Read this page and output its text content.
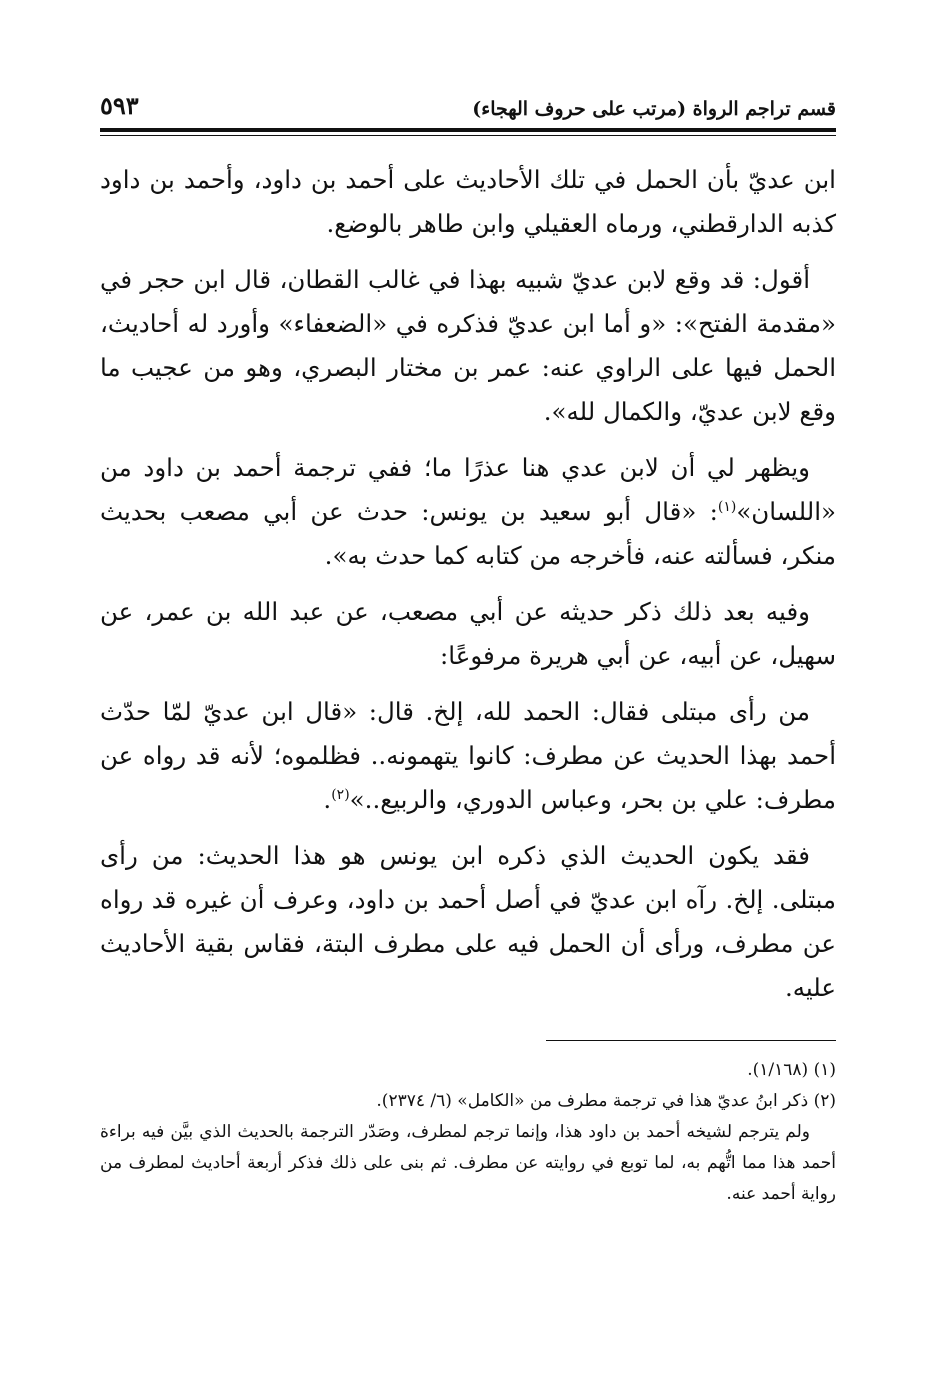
قسم تراجم الرواة (مرتب على حروف الهجاء)
٥٩٣

ابن عديّ بأن الحمل في تلك الأحاديث على أحمد بن داود، وأحمد بن داود كذبه الدارقطني، ورماه العقيلي وابن طاهر بالوضع.

أقول: قد وقع لابن عديّ شبيه بهذا في غالب القطان، قال ابن حجر في «مقدمة الفتح»: «و أما ابن عديّ فذكره في «الضعفاء» وأورد له أحاديث، الحمل فيها على الراوي عنه: عمر بن مختار البصري، وهو من عجيب ما وقع لابن عديّ، والكمال لله».

ويظهر لي أن لابن عدي هنا عذرًا ما؛ ففي ترجمة أحمد بن داود من «اللسان»$^{(١)}$: «قال أبو سعيد بن يونس: حدث عن أبي مصعب بحديث منكر، فسألته عنه، فأخرجه من كتابه كما حدث به».

وفيه بعد ذلك ذكر حديثه عن أبي مصعب، عن عبد الله بن عمر، عن سهيل، عن أبيه، عن أبي هريرة مرفوعًا:

من رأى مبتلى فقال: الحمد لله، إلخ. قال: «قال ابن عديّ لمّا حدّث أحمد بهذا الحديث عن مطرف: كانوا يتهمونه.. فظلموه؛ لأنه قد رواه عن مطرف: علي بن بحر، وعباس الدوري، والربيع..»$^{(٢)}$.

فقد يكون الحديث الذي ذكره ابن يونس هو هذا الحديث: من رأى مبتلى. إلخ. رآه ابن عديّ في أصل أحمد بن داود، وعرف أن غيره قد رواه عن مطرف، ورأى أن الحمل فيه على مطرف البتة، فقاس بقية الأحاديث عليه.

(١) (١/١٦٨).

(٢) ذكر ابنُ عديّ هذا في ترجمة مطرف من «الكامل» (٦/ ٢٣٧٤).

ولم يترجم لشيخه أحمد بن داود هذا، وإنما ترجم لمطرف، وصَدّر الترجمة بالحديث الذي بيَّن فيه براءة أحمد هذا مما اتُّهم به، لما توبع في روايته عن مطرف. ثم بنى على ذلك فذكر أربعة أحاديث لمطرف من رواية أحمد عنه.
